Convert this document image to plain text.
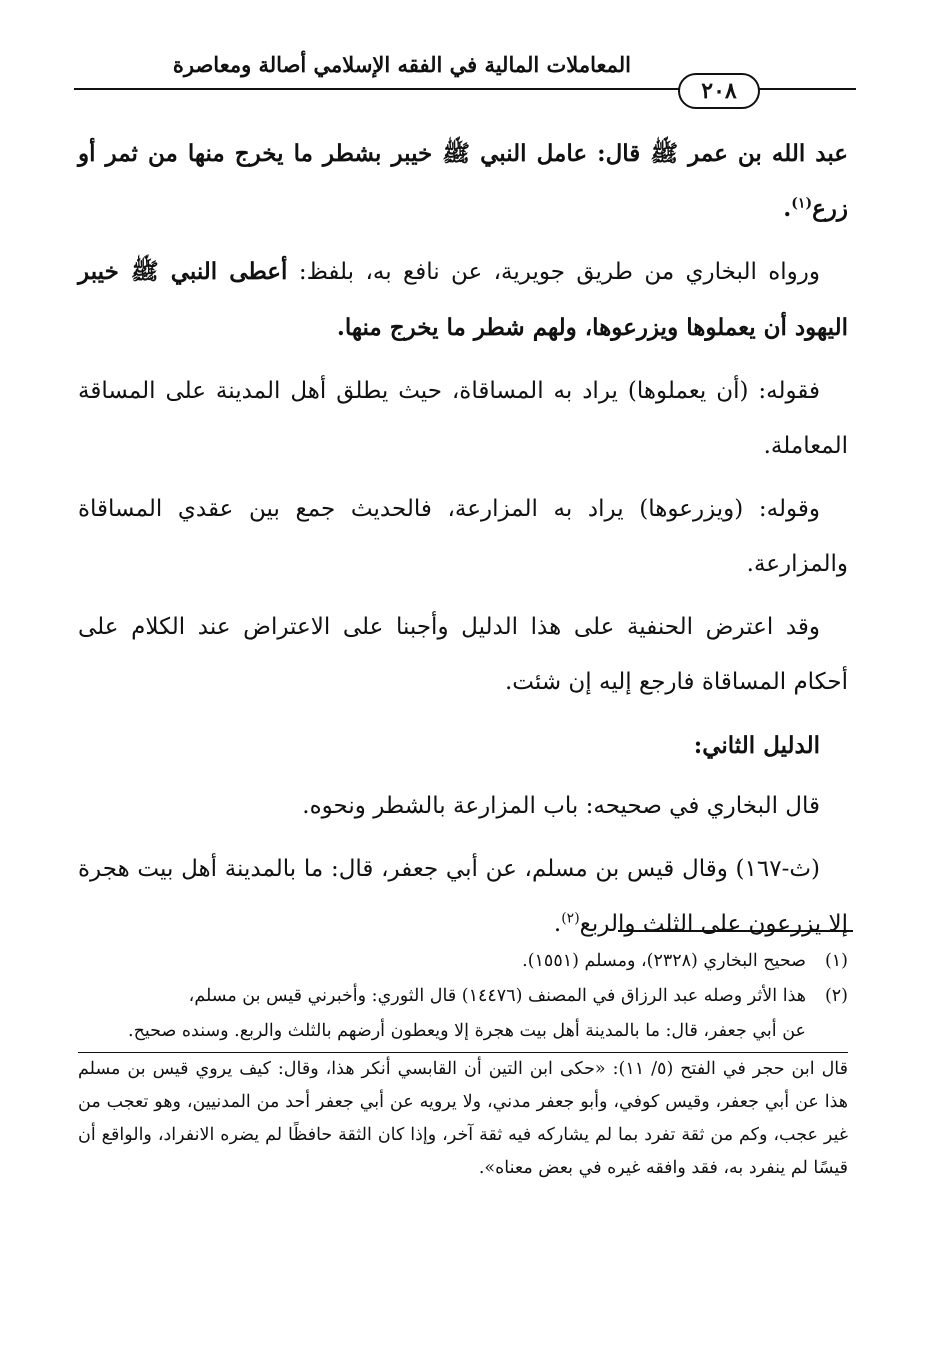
المعاملات المالية في الفقه الإسلامي أصالة ومعاصرة
٢٠٨

عبد الله بن عمر ﷺ قال: عامل النبي ﷺ خيبر بشطر ما يخرج منها من ثمر أو زرع$^{(١)}$.

ورواه البخاري من طريق جويرية، عن نافع به، بلفظ: أعطى النبي ﷺ خيبر اليهود أن يعملوها ويزرعوها، ولهم شطر ما يخرج منها.

فقوله: (أن يعملوها) يراد به المساقاة، حيث يطلق أهل المدينة على المساقة المعاملة.

وقوله: (ويزرعوها) يراد به المزارعة، فالحديث جمع بين عقدي المساقاة والمزارعة.

وقد اعترض الحنفية على هذا الدليل وأجبنا على الاعتراض عند الكلام على أحكام المساقاة فارجع إليه إن شئت.

الدليل الثاني:

قال البخاري في صحيحه: باب المزارعة بالشطر ونحوه.

(ث-١٦٧) وقال قيس بن مسلم، عن أبي جعفر، قال: ما بالمدينة أهل بيت هجرة إلا يزرعون على الثلث والربع$^{(٢)}$.

(١)
صحيح البخاري (٢٣٢٨)، ومسلم (١٥٥١).
(٢)
هذا الأثر وصله عبد الرزاق في المصنف (١٤٤٧٦) قال الثوري: وأخبرني قيس بن مسلم،

عن أبي جعفر، قال: ما بالمدينة أهل بيت هجرة إلا ويعطون أرضهم بالثلث والربع. وسنده صحيح.

قال ابن حجر في الفتح (٥/ ١١): «حكى ابن التين أن القابسي أنكر هذا، وقال: كيف يروي قيس بن مسلم هذا عن أبي جعفر، وقيس كوفي، وأبو جعفر مدني، ولا يرويه عن أبي جعفر أحد من المدنيين، وهو تعجب من غير عجب، وكم من ثقة تفرد بما لم يشاركه فيه ثقة آخر، وإذا كان الثقة حافظًا لم يضره الانفراد، والواقع أن قيسًا لم ينفرد به، فقد وافقه غيره في بعض معناه».
